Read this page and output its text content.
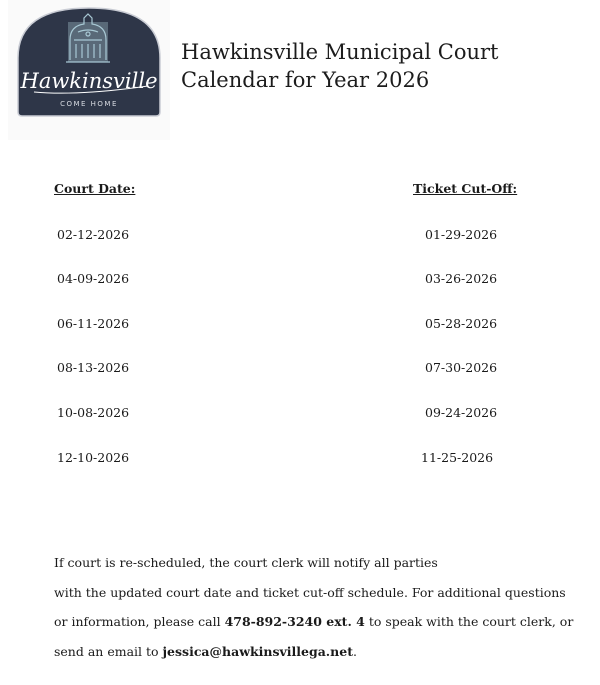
Hawkinsville
COME HOME
Hawkinsville Municipal Court
Calendar for Year 2026
Court Date:	Ticket Cut-Off:
02-12-2026	01-29-2026
04-09-2026	03-26-2026
06-11-2026	05-28-2026
08-13-2026	07-30-2026
10-08-2026	09-24-2026
12-10-2026	11-25-2026
If court is re-scheduled, the court clerk will notify all parties
with the updated court date and ticket cut-off schedule. For additional questions
or information, please call 478-892-3240 ext. 4 to speak with the court clerk, or
send an email to jessica@hawkinsvillega.net.
